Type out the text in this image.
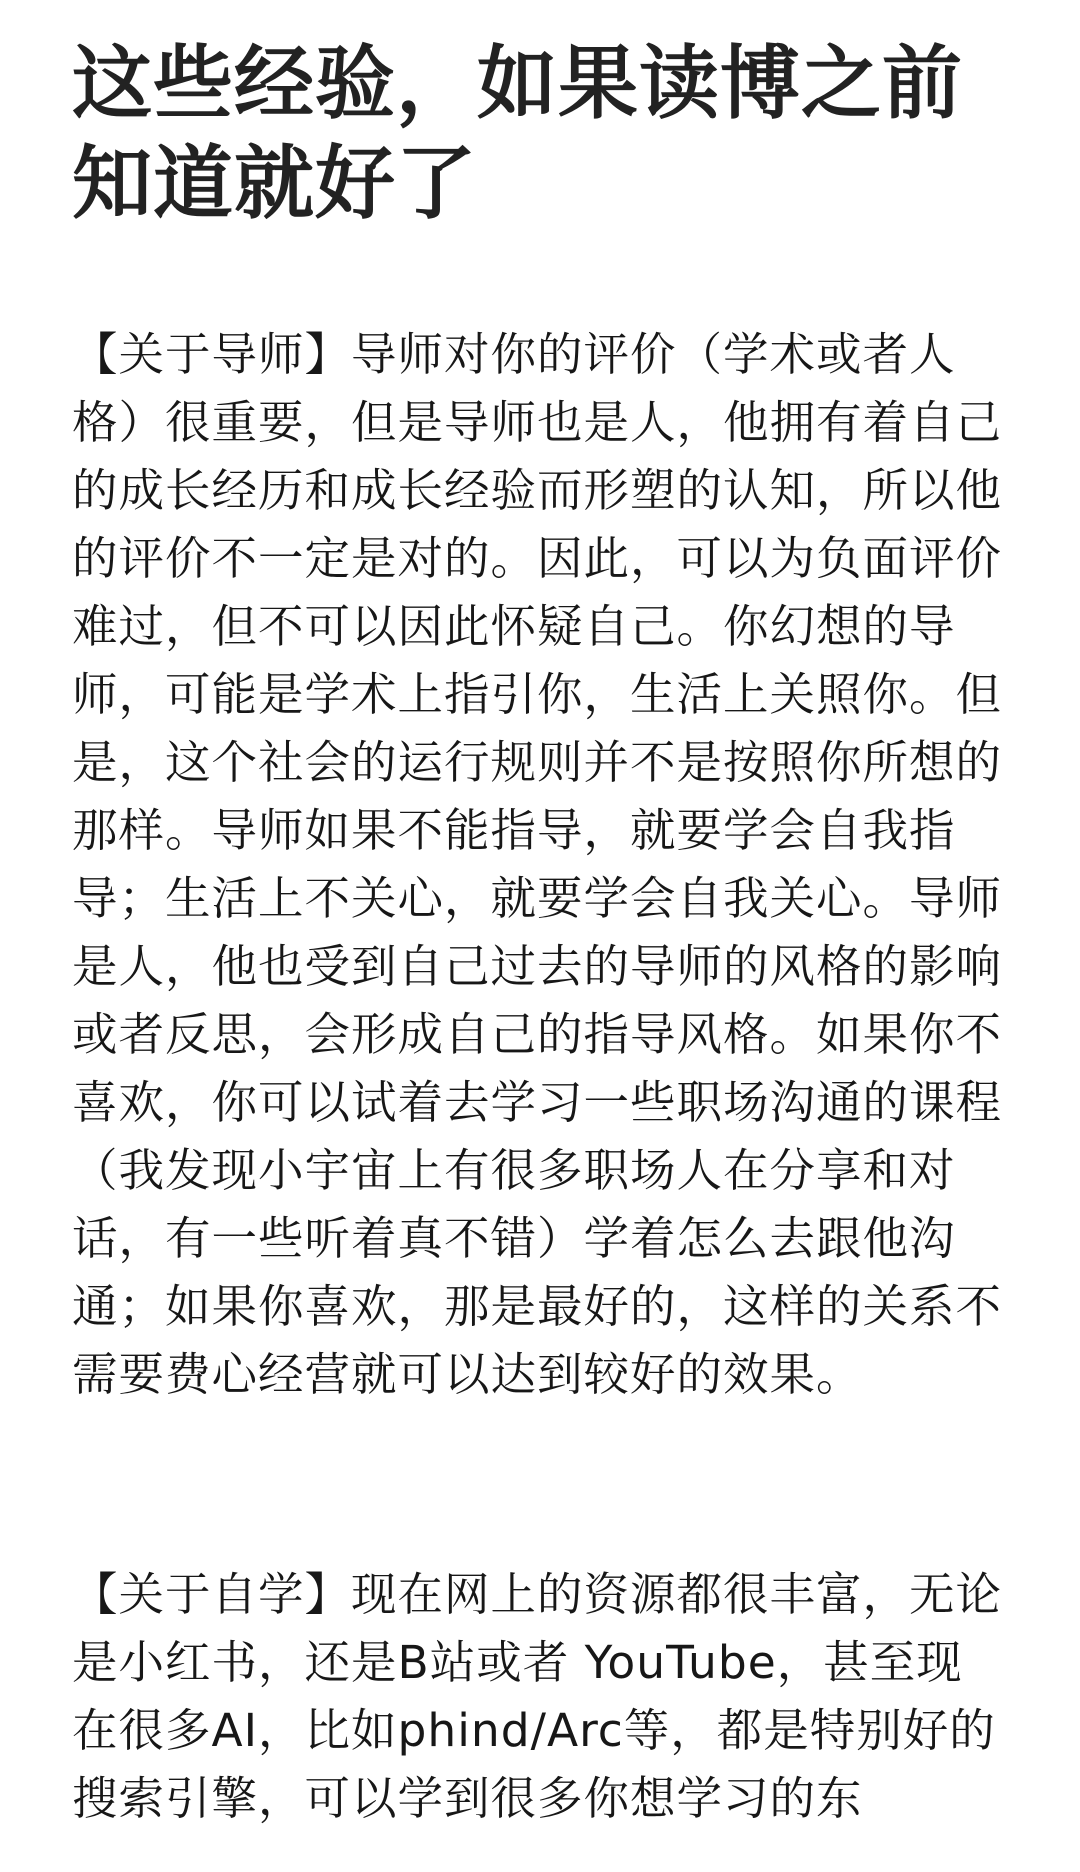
这些经验，如果读博之前知道就好了

【关于导师】导师对你的评价（学术或者人格）很重要，但是导师也是人，他拥有着自己的成长经历和成长经验而形塑的认知，所以他的评价不一定是对的。因此，可以为负面评价难过，但不可以因此怀疑自己。你幻想的导师，可能是学术上指引你，生活上关照你。但是，这个社会的运行规则并不是按照你所想的那样。导师如果不能指导，就要学会自我指导；生活上不关心，就要学会自我关心。导师是人，他也受到自己过去的导师的风格的影响或者反思，会形成自己的指导风格。如果你不喜欢，你可以试着去学习一些职场沟通的课程（我发现小宇宙上有很多职场人在分享和对话，有一些听着真不错）学着怎么去跟他沟通；如果你喜欢，那是最好的，这样的关系不需要费心经营就可以达到较好的效果。

【关于自学】现在网上的资源都很丰富，无论是小红书，还是B站或者 YouTube，甚至现在很多AI，比如phind/Arc等，都是特别好的搜索引擎，可以学到很多你想学习的东
